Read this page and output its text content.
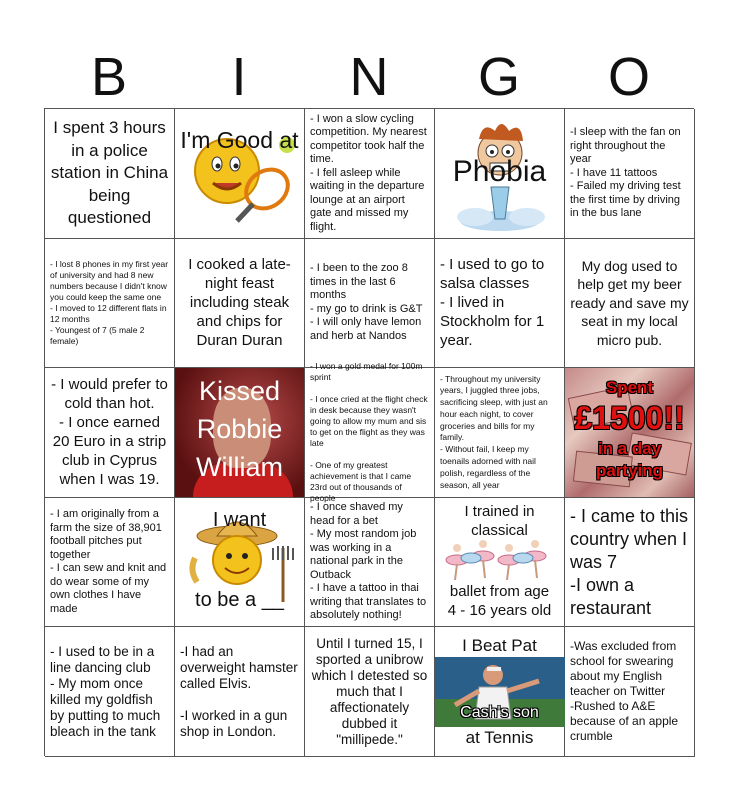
B	I	N	G	O
I spent 3 hours in a police station in China being questioned
I'm Good at
- I won a slow cycling competition. My nearest competitor took half the time.
- I fell asleep while waiting in the departure lounge at an airport gate and missed my flight.
Phobia
-I sleep with the fan on right throughout the year
- I have 11 tattoos
- Failed my driving test the first time by driving in the bus lane
- I lost 8 phones in my first year of university and had 8 new numbers because I didn't know you could keep the same one
- I moved to 12 different flats in 12 months
- Youngest of 7 (5 male 2 female)
I cooked a late-night feast including steak and chips for Duran Duran
- I been to the zoo 8 times in the last 6 months
- my go to drink is G&T
- I will only have lemon and herb at Nandos
- I used to go to salsa classes
- I lived in Stockholm for 1 year.
My dog used to help get my beer ready and save my seat in my local micro pub.
- I would prefer to cold than hot.
- I once earned 20 Euro in a strip club in Cyprus when I was 19.
Kissed Robbie William
- I won a gold medal for 100m sprint

- I once cried at the flight check in desk because they wasn't going to allow my mum and sis to get on the flight as they was late

- One of my greatest achievement is that I came 23rd out of thousands of people
- Throughout my university years, I juggled three jobs, sacrificing sleep, with just an hour each night, to cover groceries and bills for my family.
- Without fail, I keep my toenails adorned with nail polish, regardless of the season, all year
Spent
£1500!!
in a day
partying
- I am originally from a farm the size of 38,901 football pitches put together
- I can sew and knit and do wear some of my own clothes I have made
I want
to be a __
- I once shaved my head for a bet
- My most random job was working in a national park in the Outback
- I have a tattoo in thai writing that translates to absolutely nothing!
I trained in
classical
ballet from age
4 - 16 years old
- I came to this country when I was 7
-I own a restaurant
- I used to be in a line dancing club
- My mom once killed my goldfish by putting to much bleach in the tank
-I had an overweight hamster called Elvis.

-I worked in a gun shop in London.
Until I turned 15, I sported a unibrow which I detested so much that I affectionately dubbed it "millipede."
I Beat Pat
Cash's son
at Tennis
-Was excluded from school for swearing about my English teacher on Twitter
-Rushed to A&E because of an apple crumble
